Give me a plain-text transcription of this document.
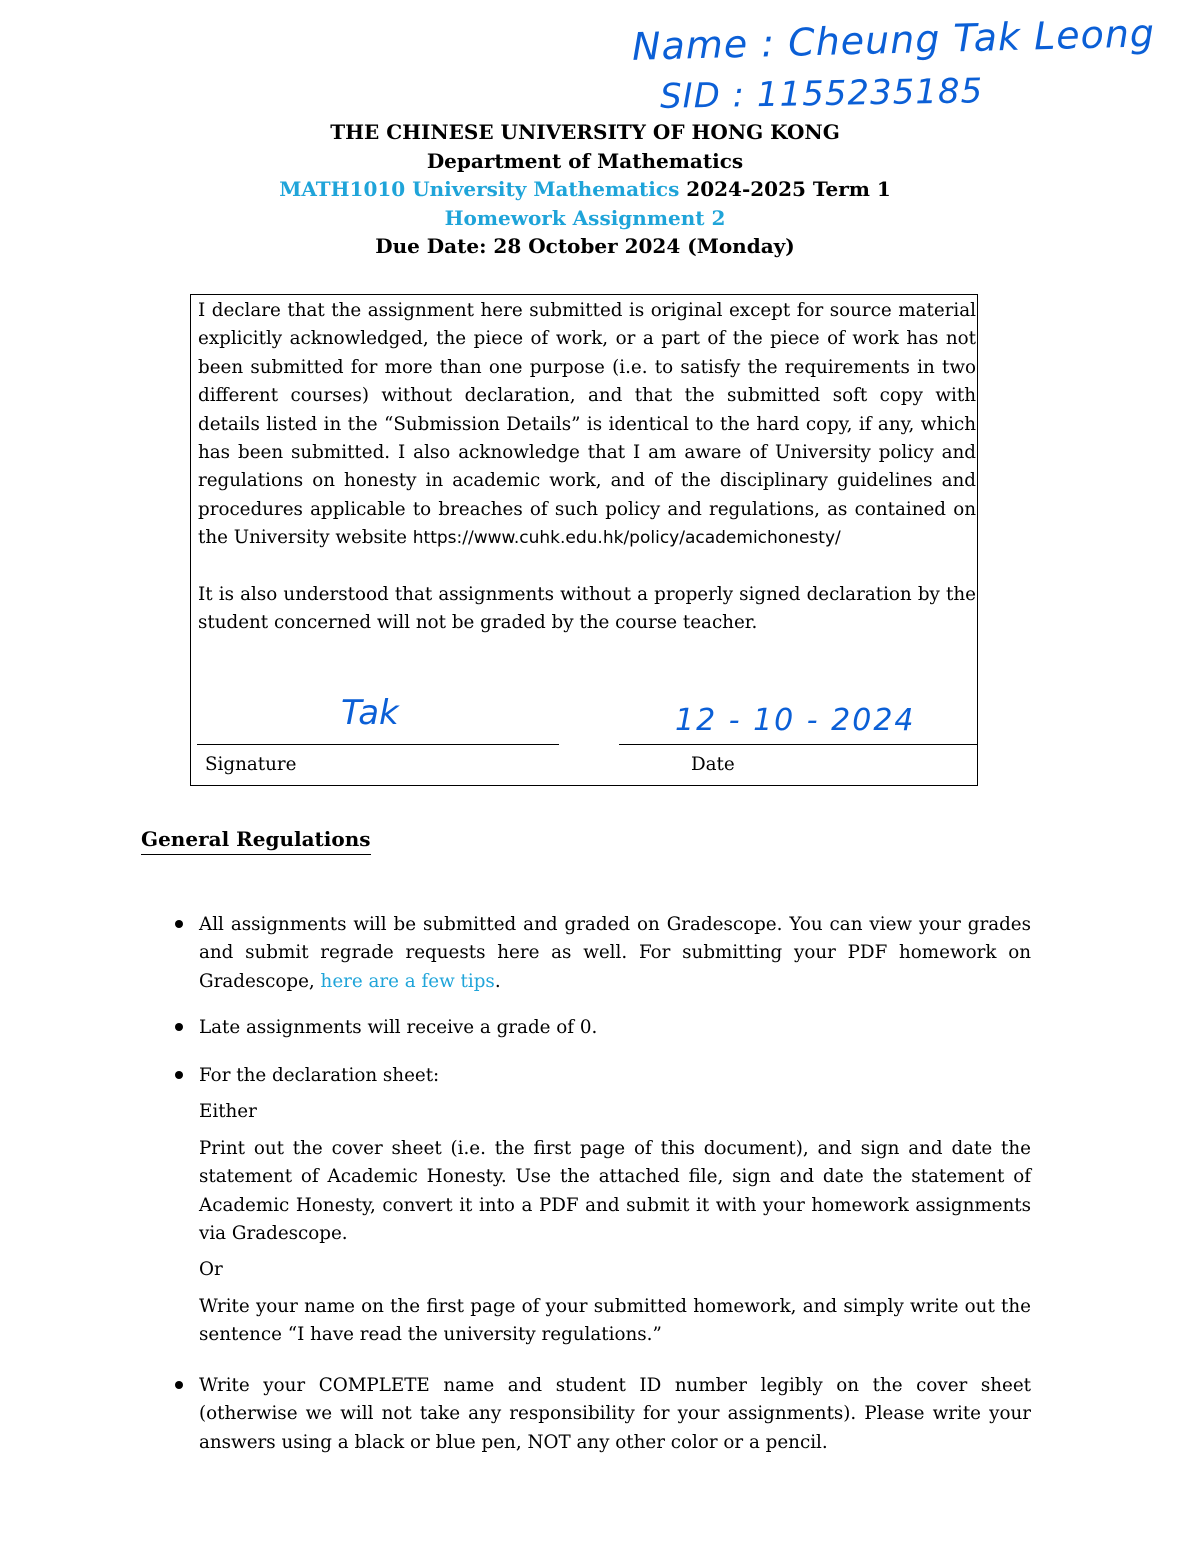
Name : Cheung Tak Leong
SID : 1155235185
THE CHINESE UNIVERSITY OF HONG KONG
Department of Mathematics
MATH1010 University Mathematics 2024-2025 Term 1
Homework Assignment 2
Due Date: 28 October 2024 (Monday)

I declare that the assignment here submitted is original except for source material explicitly acknowledged, the piece of work, or a part of the piece of work has not been submitted for more than one purpose (i.e. to satisfy the requirements in two different courses) without declaration, and that the submitted soft copy with details listed in the “Submission Details” is identical to the hard copy, if any, which has been submitted. I also acknowledge that I am aware of University policy and regulations on honesty in academic work, and of the disciplinary guidelines and procedures applicable to breaches of such policy and regulations, as contained on the University website https://www.cuhk.edu.hk/policy/academichonesty/

It is also understood that assignments without a properly signed declaration by the student concerned will not be graded by the course teacher.

Tak	12 - 10 - 2024
Signature	Date
General Regulations

All assignments will be submitted and graded on Gradescope. You can view your grades and submit regrade requests here as well. For submitting your PDF homework on Gradescope, here are a few tips.

Late assignments will receive a grade of 0.

For the declaration sheet:

Either

Print out the cover sheet (i.e. the first page of this document), and sign and date the statement of Academic Honesty. Use the attached file, sign and date the statement of Academic Honesty, convert it into a PDF and submit it with your homework assignments via Gradescope.

Or

Write your name on the first page of your submitted homework, and simply write out the sentence “I have read the university regulations.”

Write your COMPLETE name and student ID number legibly on the cover sheet (otherwise we will not take any responsibility for your assignments). Please write your answers using a black or blue pen, NOT any other color or a pencil.
